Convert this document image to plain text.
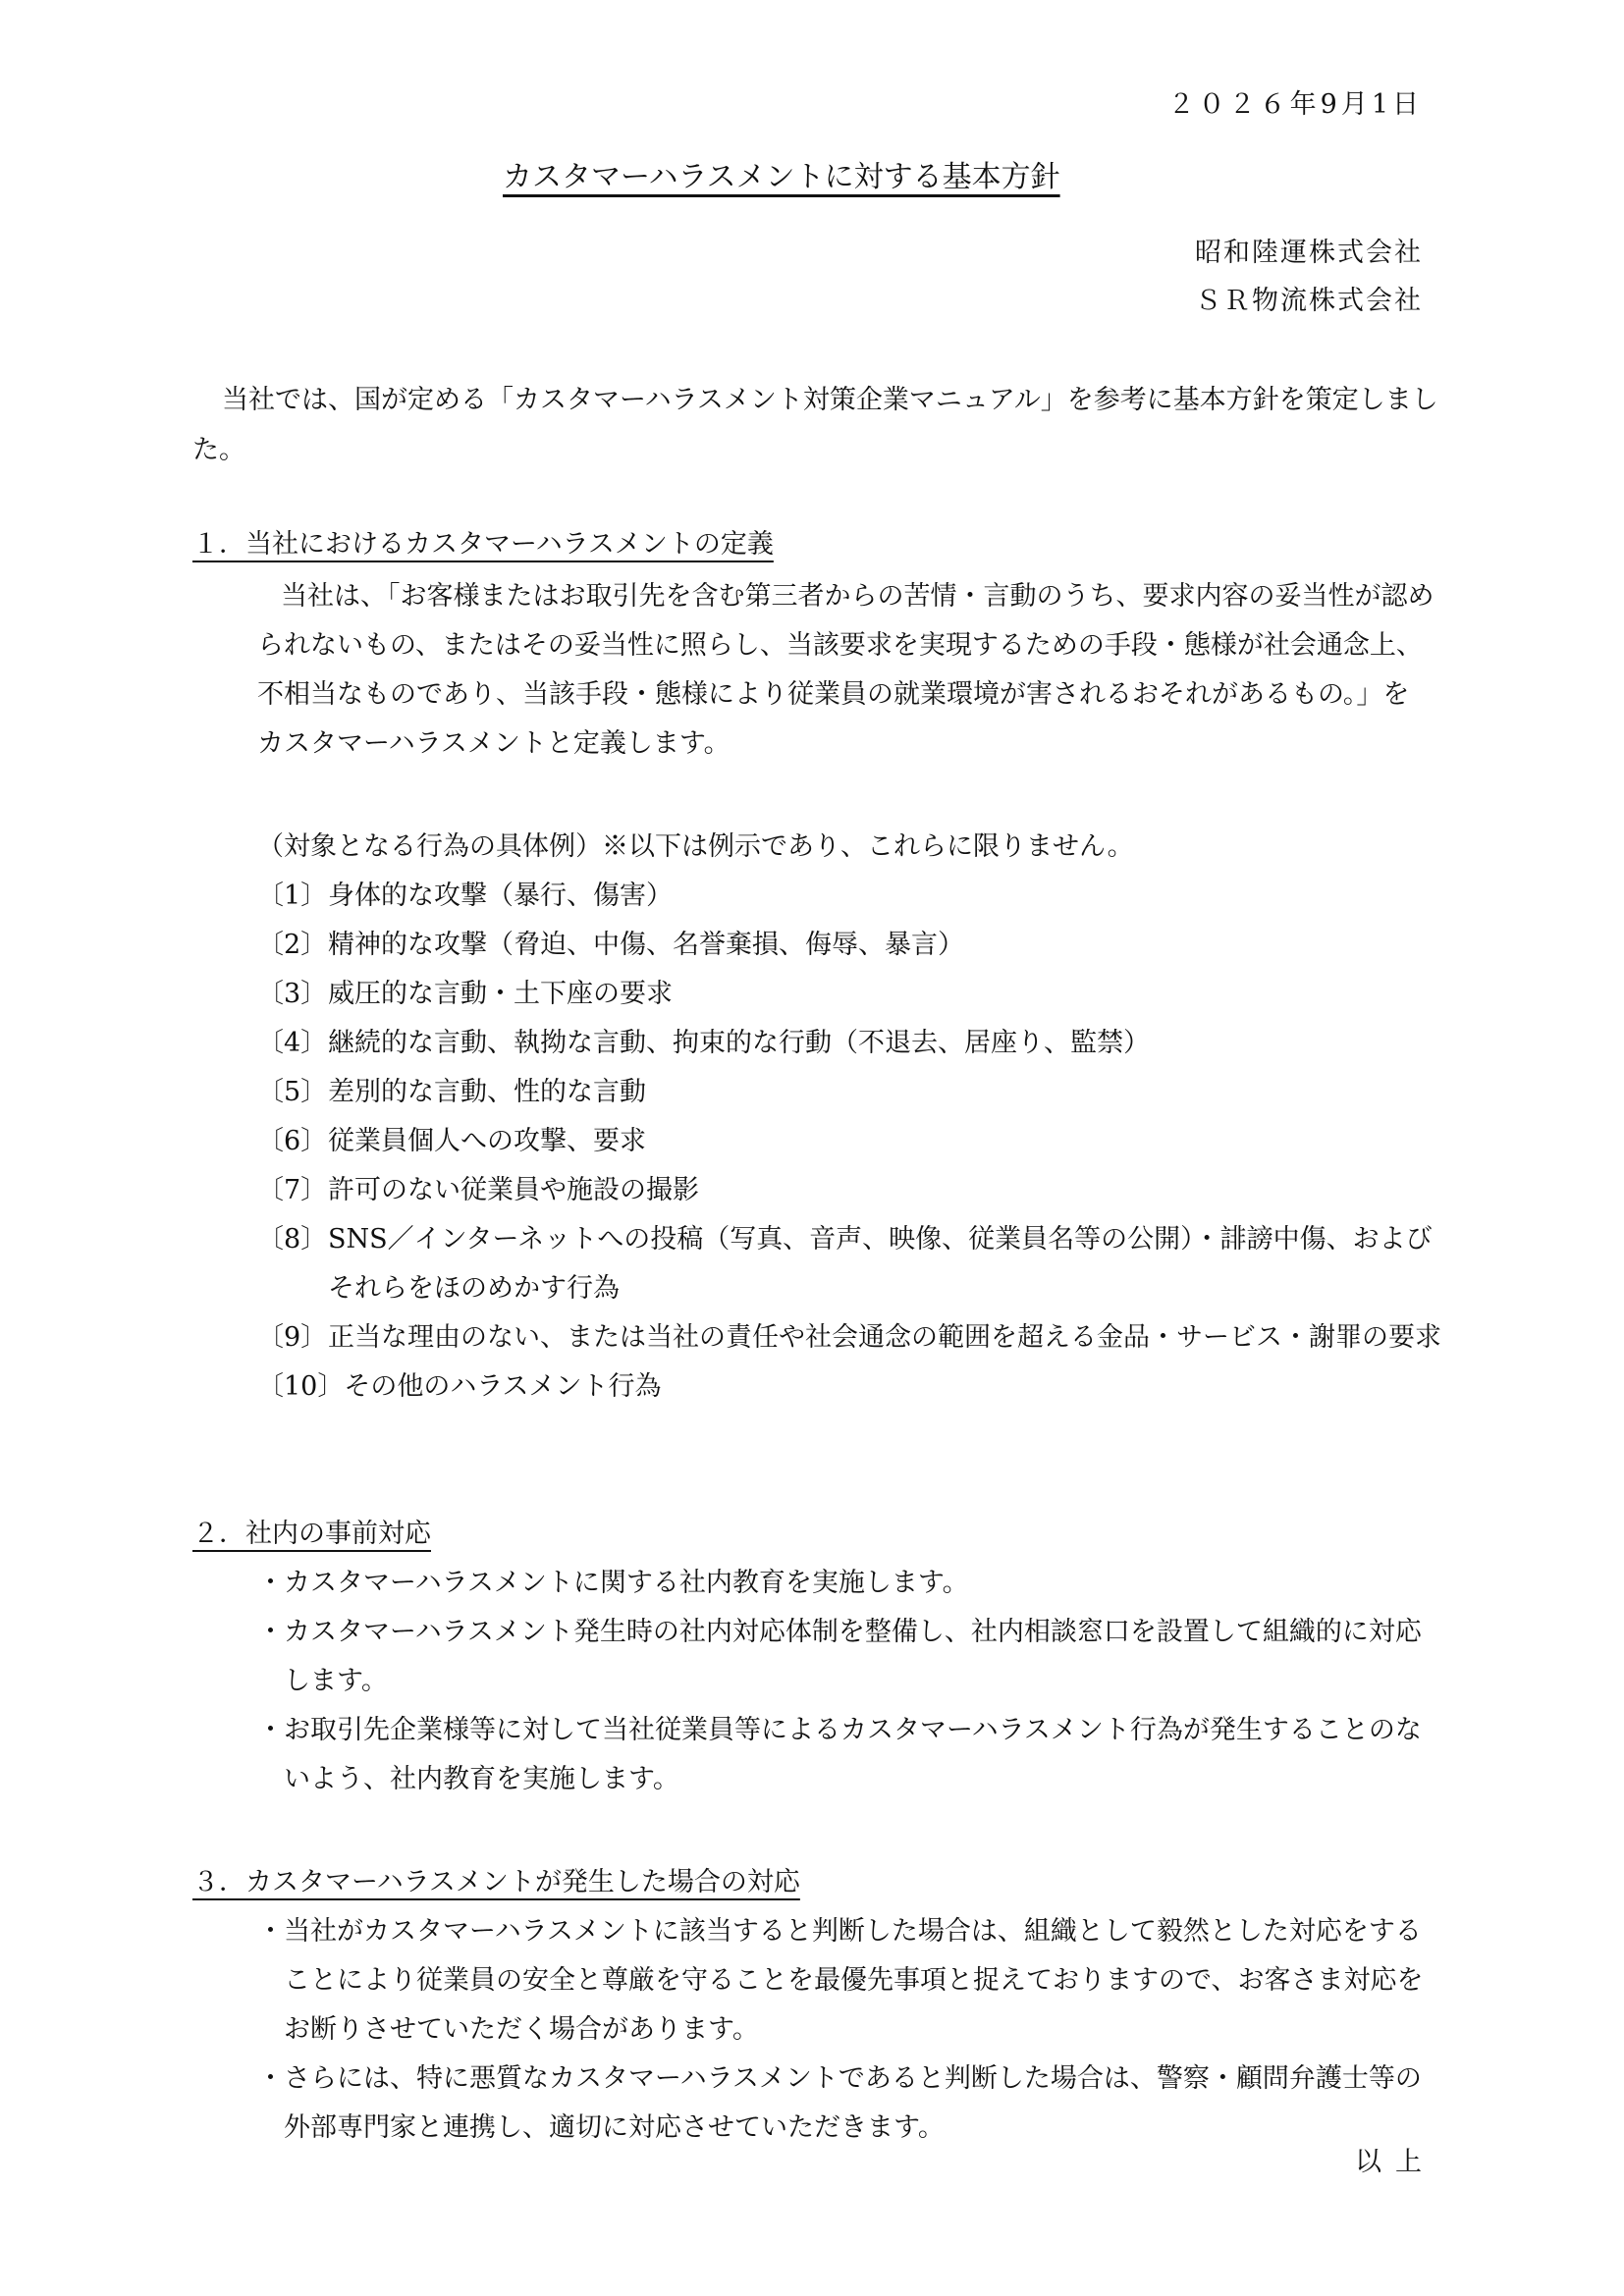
２０２６年9月1日
カスタマーハラスメントに対する基本方針
昭和陸運株式会社
ＳＲ物流株式会社
当社では、国が定める「カスタマーハラスメント対策企業マニュアル」を参考に基本方針を策定しました。
１．当社におけるカスタマーハラスメントの定義
当社は、「お客様またはお取引先を含む第三者からの苦情・言動のうち、要求内容の妥当性が認められないもの、またはその妥当性に照らし、当該要求を実現するための手段・態様が社会通念上、不相当なものであり、当該手段・態様により従業員の就業環境が害されるおそれがあるもの。」をカスタマーハラスメントと定義します。
（対象となる行為の具体例）※以下は例示であり、これらに限りません。
〔1〕 身体的な攻撃（暴行、傷害）
〔2〕 精神的な攻撃（脅迫、中傷、名誉棄損、侮辱、暴言）
〔3〕 威圧的な言動・土下座の要求
〔4〕 継続的な言動、執拗な言動、拘束的な行動（不退去、居座り、監禁）
〔5〕 差別的な言動、性的な言動
〔6〕 従業員個人への攻撃、要求
〔7〕 許可のない従業員や施設の撮影
〔8〕 SNS／インターネットへの投稿（写真、音声、映像、従業員名等の公開）・誹謗中傷、およびそれらをほのめかす行為
〔9〕 正当な理由のない、または当社の責任や社会通念の範囲を超える金品・サービス・謝罪の要求
〔10〕 その他のハラスメント行為
２．社内の事前対応
・ カスタマーハラスメントに関する社内教育を実施します。
・ カスタマーハラスメント発生時の社内対応体制を整備し、社内相談窓口を設置して組織的に対応します。
・ お取引先企業様等に対して当社従業員等によるカスタマーハラスメント行為が発生することのないよう、社内教育を実施します。
３．カスタマーハラスメントが発生した場合の対応
・ 当社がカスタマーハラスメントに該当すると判断した場合は、組織として毅然とした対応をすることにより従業員の安全と尊厳を守ることを最優先事項と捉えておりますので、お客さま対応をお断りさせていただく場合があります。
・ さらには、特に悪質なカスタマーハラスメントであると判断した場合は、警察・顧問弁護士等の外部専門家と連携し、適切に対応させていただきます。
以上
